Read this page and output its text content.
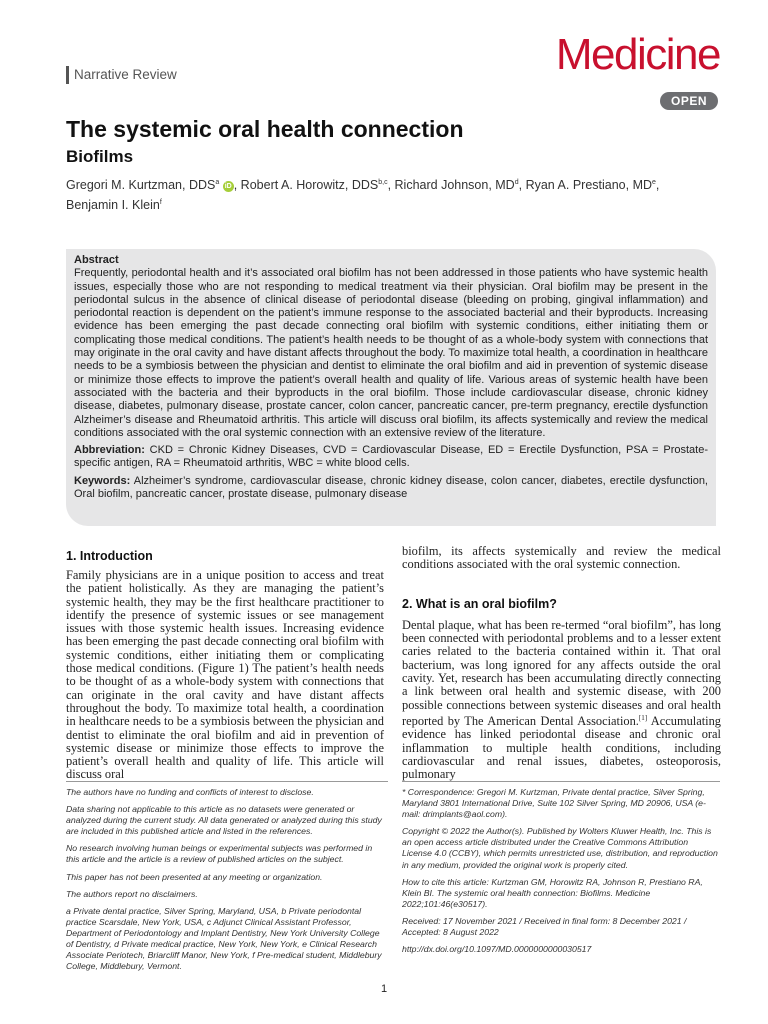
Narrative Review	Medicine
OPEN
The systemic oral health connection
Biofilms
Gregori M. Kurtzman, DDS$^a$ iD , Robert A. Horowitz, DDS$^{b,c}$, Richard Johnson, $MD^d$, Ryan A. Prestiano, MDe,
Benjamin I. Klein$^f$

Abstract

Frequently, periodontal health and it’s associated oral biofilm has not been addressed in those patients who have systemic health issues, especially those who are not responding to medical treatment via their physician. Oral biofilm may be present in the periodontal sulcus in the absence of clinical disease of periodontal disease (bleeding on probing, gingival inflammation) and periodontal reaction is dependent on the patient’s immune response to the associated bacterial and their byproducts. Increasing evidence has been emerging the past decade connecting oral biofilm with systemic conditions, either initiating them or complicating those medical conditions. The patient’s health needs to be thought of as a whole-body system with connections that may originate in the oral cavity and have distant affects throughout the body. To maximize total health, a coordination in healthcare needs to be a symbiosis between the physician and dentist to eliminate the oral biofilm and aid in prevention of systemic disease or minimize those effects to improve the patient’s overall health and quality of life. Various areas of systemic health have been associated with the bacteria and their byproducts in the oral biofilm. Those include cardiovascular disease, chronic kidney disease, diabetes, pulmonary disease, prostate cancer, colon cancer, pancreatic cancer, pre-term pregnancy, erectile dysfunction Alzheimer’s disease and Rheumatoid arthritis. This article will discuss oral biofilm, its affects systemically and review the medical conditions associated with the oral systemic connection with an extensive review of the literature.

Abbreviation: CKD = Chronic Kidney Diseases, CVD = Cardiovascular Disease, ED = Erectile Dysfunction, PSA = Prostate-specific antigen, RA = Rheumatoid arthritis, WBC = white blood cells.

Keywords: Alzheimer’s syndrome, cardiovascular disease, chronic kidney disease, colon cancer, diabetes, erectile dysfunction, Oral biofilm, pancreatic cancer, prostate disease, pulmonary disease

1. Introduction

Family physicians are in a unique position to access and treat the patient holistically. As they are managing the patient’s systemic health, they may be the first healthcare practitioner to identify the presence of systemic issues or see management issues with those systemic health issues. Increasing evidence has been emerging the past decade connecting oral biofilm with systemic conditions, either initiating them or complicating those medical conditions. (Figure 1) The patient’s health needs to be thought of as a whole-body system with connections that can originate in the oral cavity and have distant affects throughout the body. To maximize total health, a coordination in healthcare needs to be a symbiosis between the physician and dentist to eliminate the oral biofilm and aid in prevention of systemic disease or minimize those effects to improve the patient’s overall health and quality of life. This article will discuss oral

biofilm, its affects systemically and review the medical conditions associated with the oral systemic connection.

2. What is an oral biofilm?

Dental plaque, what has been re-termed “oral biofilm”, has long been connected with periodontal problems and to a lesser extent caries related to the bacteria contained within it. That oral bacterium, was long ignored for any affects outside the oral cavity. Yet, research has been accumulating directly connecting a link between oral health and systemic disease, with 200 possible connections between systemic diseases and oral health reported by The American Dental Association.[1] Accumulating evidence has linked periodontal disease and chronic oral inflammation to multiple health conditions, including cardiovascular and renal issues, diabetes, osteoporosis, pulmonary

The authors have no funding and conflicts of interest to disclose.

Data sharing not applicable to this article as no datasets were generated or analyzed during the current study. All data generated or analyzed during this study are included in this published article and listed in the references.

No research involving human beings or experimental subjects was performed in this article and the article is a review of published articles on the subject.

This paper has not been presented at any meeting or organization.

The authors report no disclaimers.

a Private dental practice, Silver Spring, Maryland, USA, b Private periodontal practice Scarsdale, New York, USA, c Adjunct Clinical Assistant Professor, Department of Periodontology and Implant Dentistry, New York University College of Dentistry, d Private medical practice, New York, New York, e Clinical Research Associate Periotech, Briarcliff Manor, New York, f Pre-medical student, Middlebury College, Middlebury, Vermont.

* Correspondence: Gregori M. Kurtzman, Private dental practice, Silver Spring, Maryland 3801 International Drive, Suite 102 Silver Spring, MD 20906, USA (e-mail: drimplants@aol.com).

Copyright © 2022 the Author(s). Published by Wolters Kluwer Health, Inc. This is an open access article distributed under the Creative Commons Attribution License 4.0 (CCBY), which permits unrestricted use, distribution, and reproduction in any medium, provided the original work is properly cited.

How to cite this article: Kurtzman GM, Horowitz RA, Johnson R, Prestiano RA, Klein BI. The systemic oral health connection: Biofilms. Medicine 2022;101:46(e30517).

Received: 17 November 2021 / Received in final form: 8 December 2021 / Accepted: 8 August 2022

http://dx.doi.org/10.1097/MD.0000000000030517

1
